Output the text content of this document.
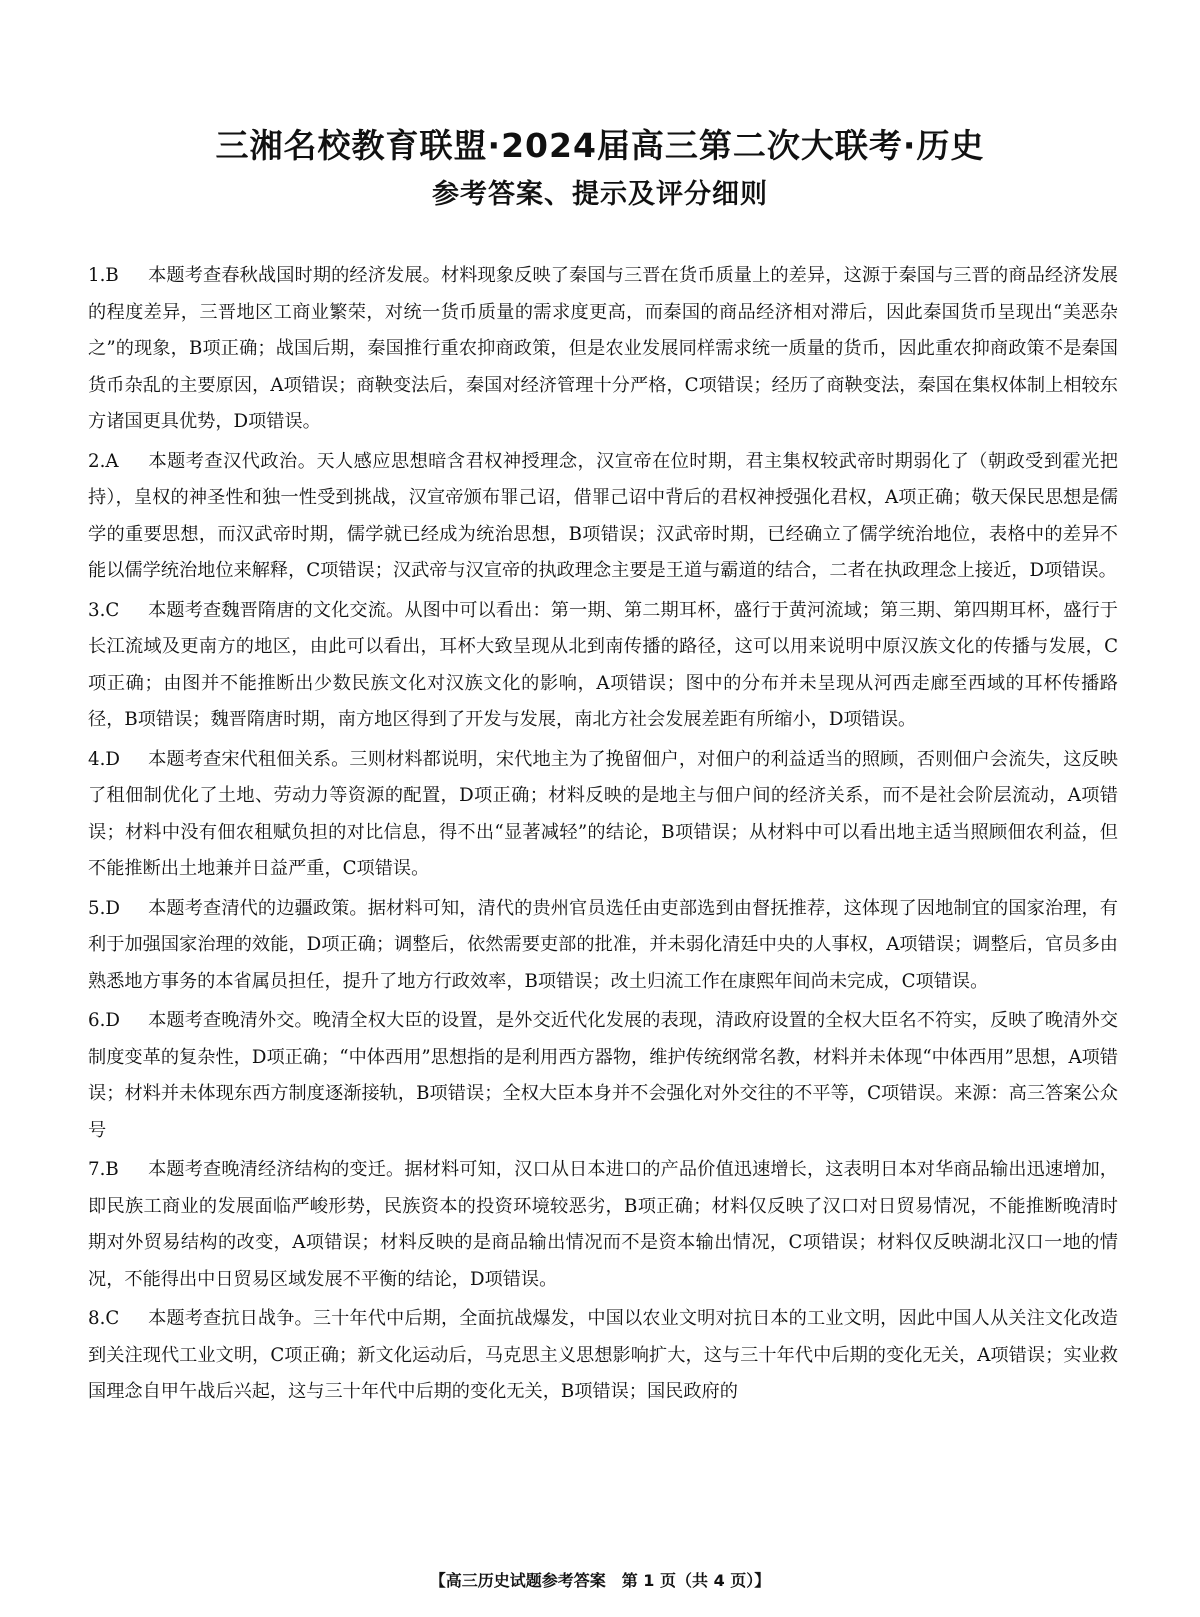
三湘名校教育联盟·2024届高三第二次大联考·历史
参考答案、提示及评分细则

1.B 本题考查春秋战国时期的经济发展。材料现象反映了秦国与三晋在货币质量上的差异，这源于秦国与三晋的商品经济发展的程度差异，三晋地区工商业繁荣，对统一货币质量的需求度更高，而秦国的商品经济相对滞后，因此秦国货币呈现出“美恶杂之”的现象，B项正确；战国后期，秦国推行重农抑商政策，但是农业发展同样需求统一质量的货币，因此重农抑商政策不是秦国货币杂乱的主要原因，A项错误；商鞅变法后，秦国对经济管理十分严格，C项错误；经历了商鞅变法，秦国在集权体制上相较东方诸国更具优势，D项错误。

2.A 本题考查汉代政治。天人感应思想暗含君权神授理念，汉宣帝在位时期，君主集权较武帝时期弱化了（朝政受到霍光把持），皇权的神圣性和独一性受到挑战，汉宣帝颁布罪己诏，借罪己诏中背后的君权神授强化君权，A项正确；敬天保民思想是儒学的重要思想，而汉武帝时期，儒学就已经成为统治思想，B项错误；汉武帝时期，已经确立了儒学统治地位，表格中的差异不能以儒学统治地位来解释，C项错误；汉武帝与汉宣帝的执政理念主要是王道与霸道的结合，二者在执政理念上接近，D项错误。

3.C 本题考查魏晋隋唐的文化交流。从图中可以看出：第一期、第二期耳杯，盛行于黄河流域；第三期、第四期耳杯，盛行于长江流域及更南方的地区，由此可以看出，耳杯大致呈现从北到南传播的路径，这可以用来说明中原汉族文化的传播与发展，C项正确；由图并不能推断出少数民族文化对汉族文化的影响，A项错误；图中的分布并未呈现从河西走廊至西域的耳杯传播路径，B项错误；魏晋隋唐时期，南方地区得到了开发与发展，南北方社会发展差距有所缩小，D项错误。

4.D 本题考查宋代租佃关系。三则材料都说明，宋代地主为了挽留佃户，对佃户的利益适当的照顾，否则佃户会流失，这反映了租佃制优化了土地、劳动力等资源的配置，D项正确；材料反映的是地主与佃户间的经济关系，而不是社会阶层流动，A项错误；材料中没有佃农租赋负担的对比信息，得不出“显著减轻”的结论，B项错误；从材料中可以看出地主适当照顾佃农利益，但不能推断出土地兼并日益严重，C项错误。

5.D 本题考查清代的边疆政策。据材料可知，清代的贵州官员选任由吏部选到由督抚推荐，这体现了因地制宜的国家治理，有利于加强国家治理的效能，D项正确；调整后，依然需要吏部的批准，并未弱化清廷中央的人事权，A项错误；调整后，官员多由熟悉地方事务的本省属员担任，提升了地方行政效率，B项错误；改土归流工作在康熙年间尚未完成，C项错误。

6.D 本题考查晚清外交。晚清全权大臣的设置，是外交近代化发展的表现，清政府设置的全权大臣名不符实，反映了晚清外交制度变革的复杂性，D项正确；“中体西用”思想指的是利用西方器物，维护传统纲常名教，材料并未体现“中体西用”思想，A项错误；材料并未体现东西方制度逐渐接轨，B项错误；全权大臣本身并不会强化对外交往的不平等，C项错误。来源：高三答案公众号

7.B 本题考查晚清经济结构的变迁。据材料可知，汉口从日本进口的产品价值迅速增长，这表明日本对华商品输出迅速增加，即民族工商业的发展面临严峻形势，民族资本的投资环境较恶劣，B项正确；材料仅反映了汉口对日贸易情况，不能推断晚清时期对外贸易结构的改变，A项错误；材料反映的是商品输出情况而不是资本输出情况，C项错误；材料仅反映湖北汉口一地的情况，不能得出中日贸易区域发展不平衡的结论，D项错误。

8.C 本题考查抗日战争。三十年代中后期，全面抗战爆发，中国以农业文明对抗日本的工业文明，因此中国人从关注文化改造到关注现代工业文明，C项正确；新文化运动后，马克思主义思想影响扩大，这与三十年代中后期的变化无关，A项错误；实业救国理念自甲午战后兴起，这与三十年代中后期的变化无关，B项错误；国民政府的

【高三历史试题参考答案　第 1 页（共 4 页）】
